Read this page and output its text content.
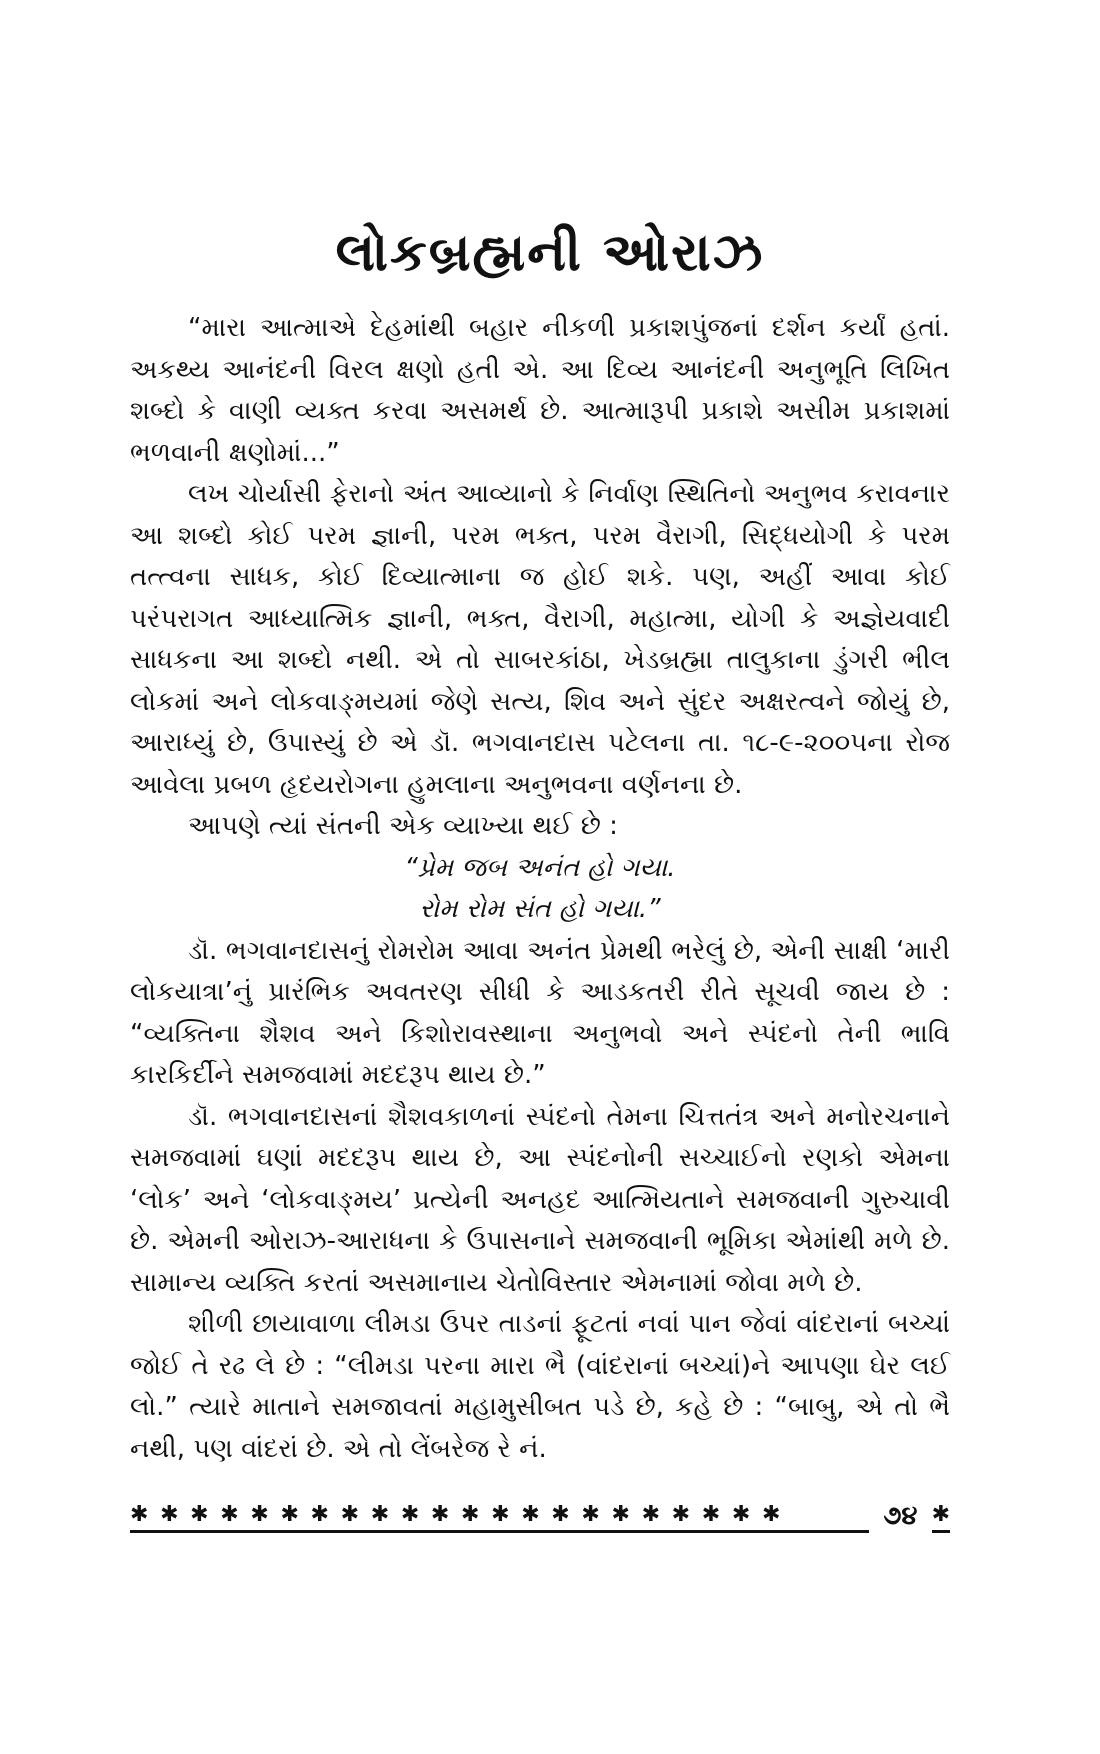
લોકબ્રહ્મની ઓરાઝ

“મારા આત્માએ દેહમાંથી બહાર નીકળી પ્રકાશપુંજનાં દર્શન કર્યાં હતાં. અકથ્ય આનંદની વિરલ ક્ષણો હતી એ. આ દિવ્ય આનંદની અનુભૂતિ લિખિત શબ્દો કે વાણી વ્યક્ત કરવા અસમર્થ છે. આત્મારૂપી પ્રકાશે અસીમ પ્રકાશમાં ભળવાની ક્ષણોમાં...”

લખ ચોર્યાસી ફેરાનો અંત આવ્યાનો કે નિર્વાણ સ્થિતિનો અનુભવ કરાવનાર આ શબ્દો કોઈ પરમ જ્ઞાની, પરમ ભક્ત, પરમ વૈરાગી, સિદ્ધયોગી કે પરમ તત્ત્વના સાધક, કોઈ દિવ્યાત્માના જ હોઈ શકે. પણ, અહીં આવા કોઈ પરંપરાગત આધ્યાત્મિક જ્ઞાની, ભક્ત, વૈરાગી, મહાત્મા, યોગી કે અજ્ઞેયવાદી સાધકના આ શબ્દો નથી. એ તો સાબરકાંઠા, ખેડબ્રહ્મા તાલુકાના ડુંગરી ભીલ લોકમાં અને લોકવાઙ્મયમાં જેણે સત્ય, શિવ અને સુંદર અક્ષરત્વને જોયું છે, આરાધ્યું છે, ઉપાસ્યું છે એ ડૉ. ભગવાનદાસ પટેલના તા. ૧૮-૯-૨૦૦૫ના રોજ આવેલા પ્રબળ હૃદયરોગના હુમલાના અનુભવના વર્ણનના છે.

આપણે ત્યાં સંતની એક વ્યાખ્યા થઈ છે :

“પ્રેમ જબ અનંત હો ગયા.
રોમ રોમ સંત હો ગયા.”

ડૉ. ભગવાનદાસનું રોમરોમ આવા અનંત પ્રેમથી ભરેલું છે, એની સાક્ષી ‘મારી લોકયાત્રા’નું પ્રારંભિક અવતરણ સીધી કે આડકતરી રીતે સૂચવી જાય છે : “વ્યક્તિના શૈશવ અને કિશોરાવસ્થાના અનુભવો અને સ્પંદનો તેની ભાવિ કારકિર્દીને સમજવામાં મદદરૂપ થાય છે.”

ડૉ. ભગવાનદાસનાં શૈશવકાળનાં સ્પંદનો તેમના ચિત્તતંત્ર અને મનોરચનાને સમજવામાં ઘણાં મદદરૂપ થાય છે, આ સ્પંદનોની સચ્ચાઈનો રણકો એમના ‘લોક’ અને ‘લોકવાઙ્મય’ પ્રત્યેની અનહદ આત્મિયતાને સમજવાની ગુરુચાવી છે. એમની ઓરાઝ-આરાધના કે ઉપાસનાને સમજવાની ભૂમિકા એમાંથી મળે છે. સામાન્ય વ્યક્તિ કરતાં અસમાનાય ચેતોવિસ્તાર એમનામાં જોવા મળે છે.

શીળી છાયાવાળા લીમડા ઉપર તાડનાં ફૂટતાં નવાં પાન જેવાં વાંદરાનાં બચ્ચાં જોઈ તે રઢ લે છે : “લીમડા પરના મારા ભૈ (વાંદરાનાં બચ્ચાં)ને આપણા ઘેર લઈ લો.” ત્યારે માતાને સમજાવતાં મહામુસીબત પડે છે, કહે છે : “બાબુ, એ તો ભૈ નથી, પણ વાંદરાં છે. એ તો લેંબરેજ રે નં.

✱ ✱ ✱ ✱ ✱ ✱ ✱ ✱ ✱ ✱ ✱ ✱ ✱ ✱ ✱ ✱ ✱ ✱ ✱ ✱ ✱ ✱	૭૪ ✱
